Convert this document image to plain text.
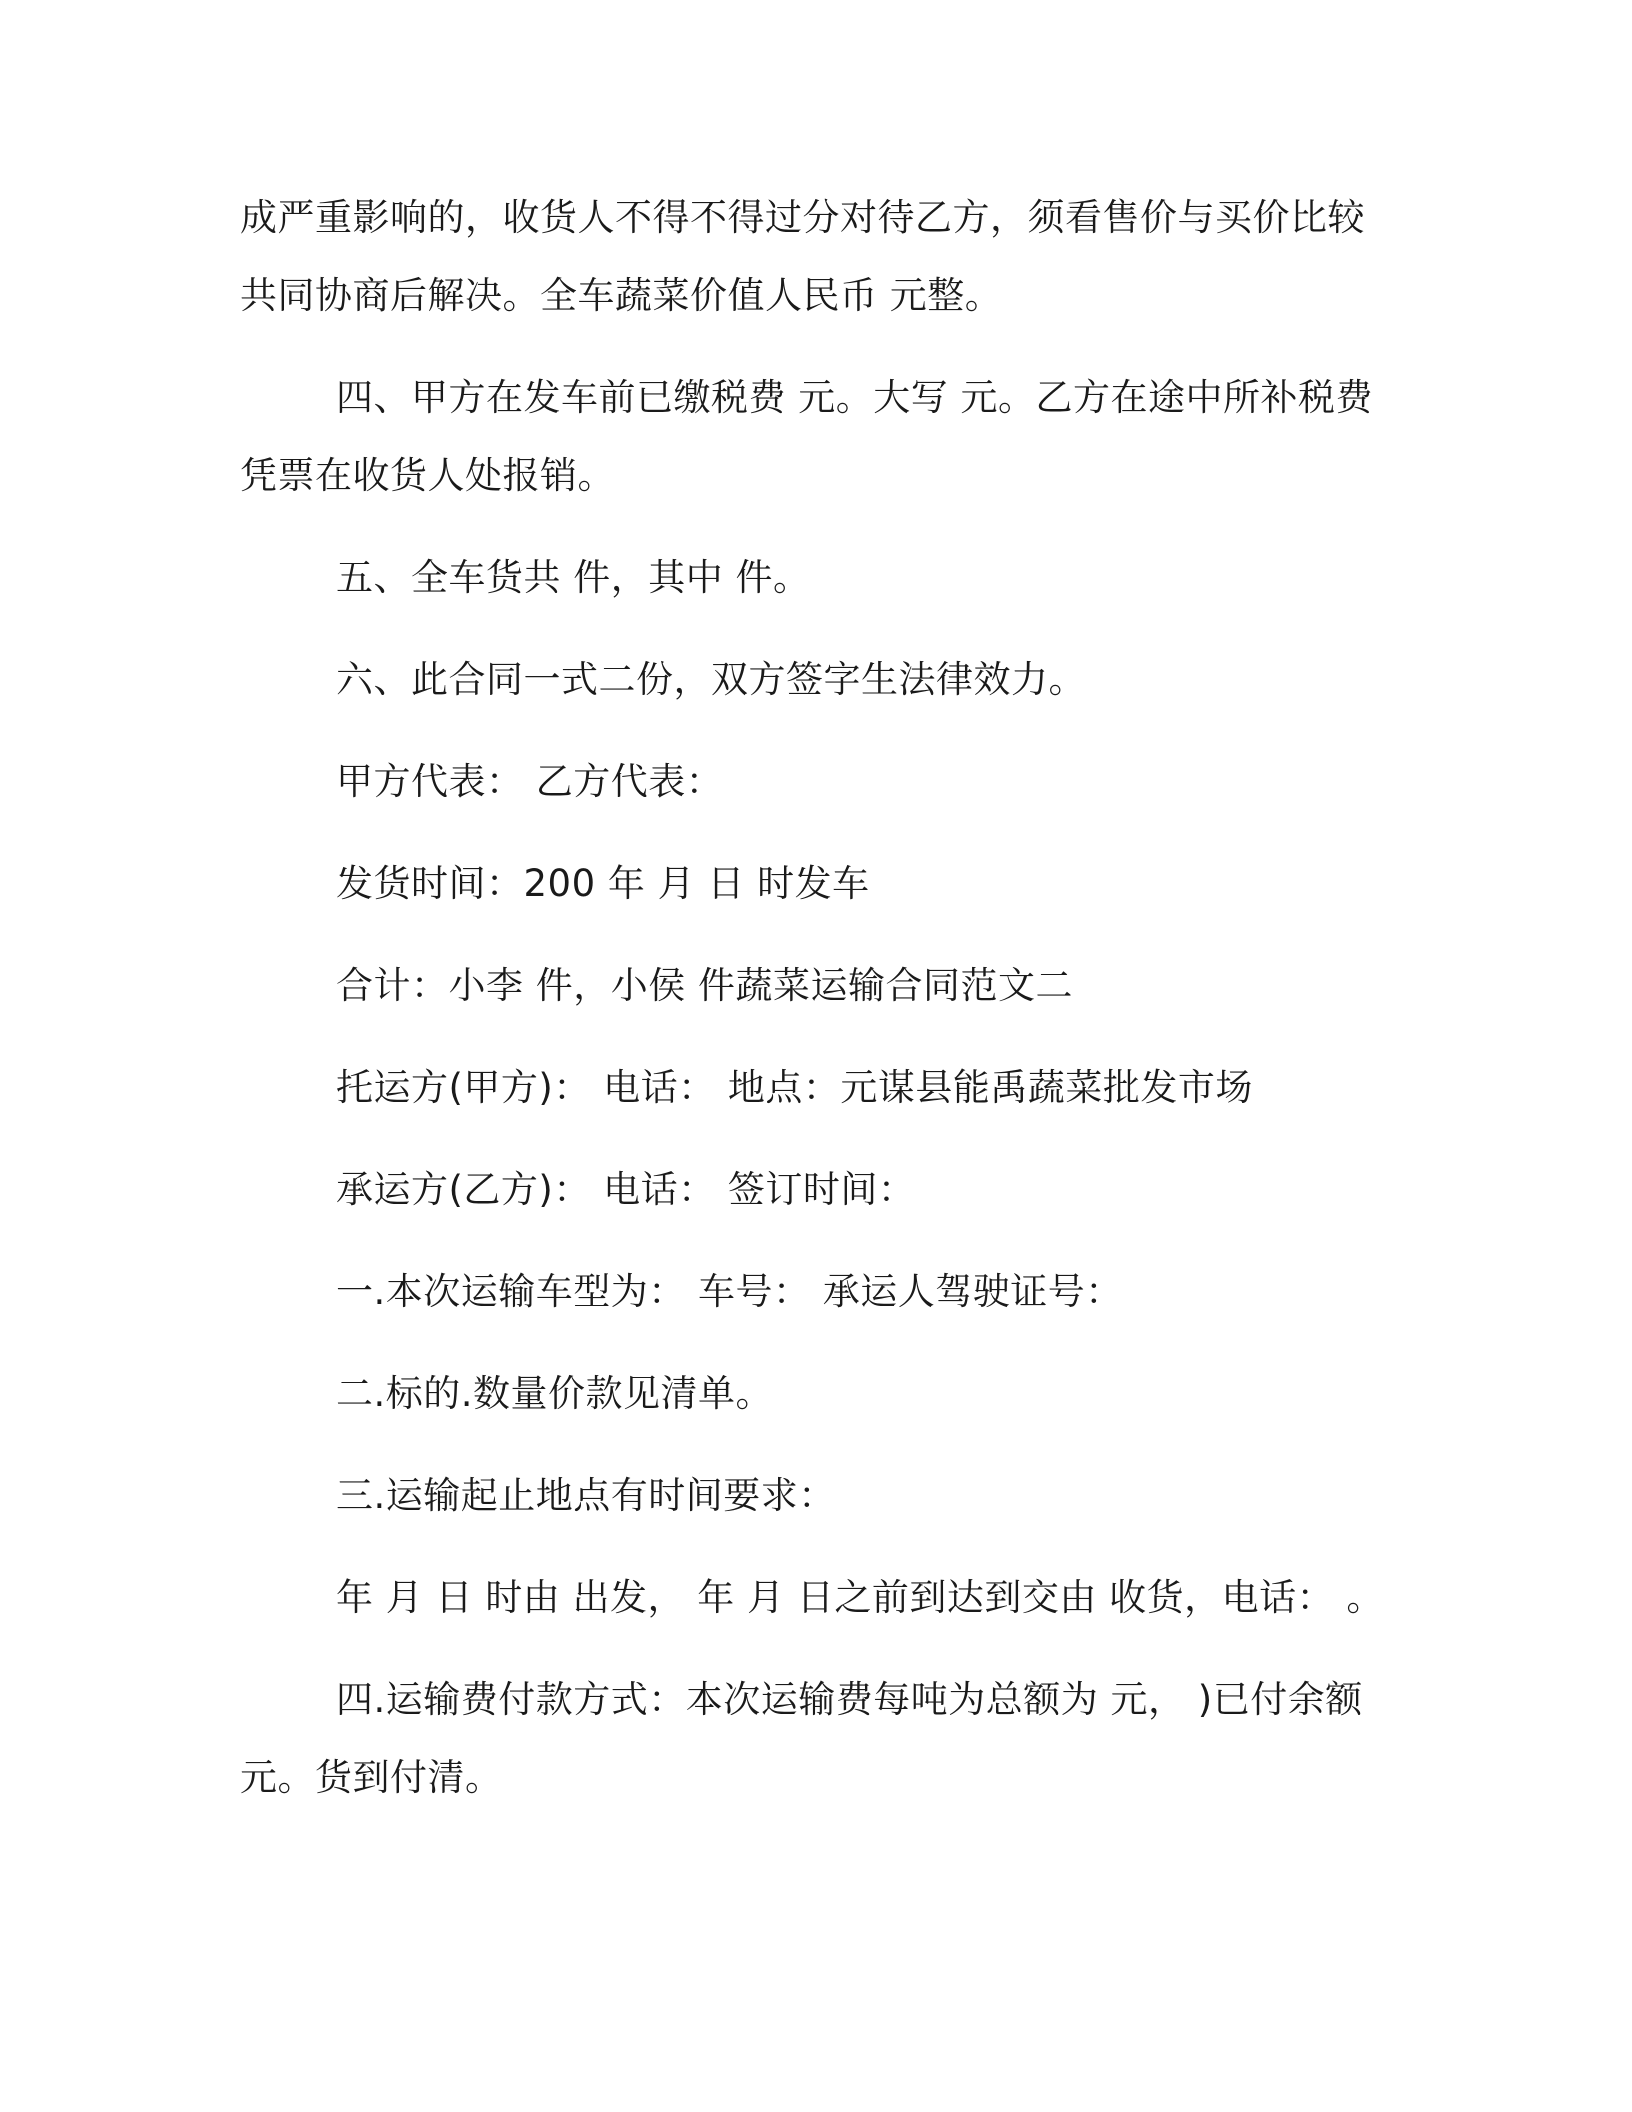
成严重影响的，收货人不得不得过分对待乙方，须看售价与买价比较
共同协商后解决。全车蔬菜价值人民币 元整。
四、甲方在发车前已缴税费 元。大写 元。乙方在途中所补税费
凭票在收货人处报销。
五、全车货共 件，其中 件。
六、此合同一式二份，双方签字生法律效力。
甲方代表： 乙方代表：
发货时间：200 年 月 日 时发车
合计：小李 件，小侯 件蔬菜运输合同范文二
托运方(甲方)： 电话： 地点：元谋县能禹蔬菜批发市场
承运方(乙方)： 电话： 签订时间：
一.本次运输车型为： 车号： 承运人驾驶证号：
二.标的.数量价款见清单。
三.运输起止地点有时间要求：
年 月 日 时由 出发， 年 月 日之前到达到交由 收货，电话： 。
四.运输费付款方式：本次运输费每吨为总额为 元， )已付余额
元。货到付清。
